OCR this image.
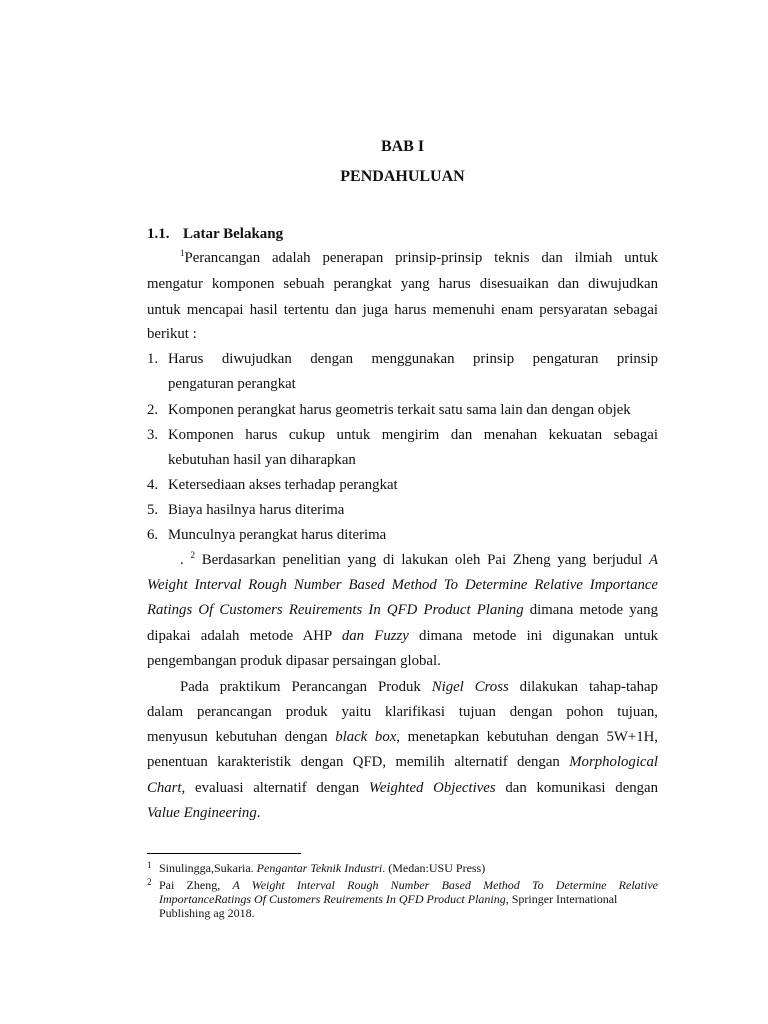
BAB I
PENDAHULUAN
1.1. Latar Belakang
$^1$Perancangan adalah penerapan prinsip-prinsip teknis dan ilmiah untuk
mengatur komponen sebuah perangkat yang harus disesuaikan dan diwujudkan
untuk mencapai hasil tertentu dan juga harus memenuhi enam persyaratan sebagai
berikut :
1. Harus diwujudkan dengan menggunakan prinsip pengaturan prinsip
pengaturan perangkat
2. Komponen perangkat harus geometris terkait satu sama lain dan dengan objek
3. Komponen harus cukup untuk mengirim dan menahan kekuatan sebagai
kebutuhan hasil yan diharapkan
4. Ketersediaan akses terhadap perangkat
5. Biaya hasilnya harus diterima
6. Munculnya perangkat harus diterima
. $^2$ Berdasarkan penelitian yang di lakukan oleh Pai Zheng yang berjudul A
Weight Interval Rough Number Based Method To Determine Relative Importance
Ratings Of Customers Reuirements In QFD Product Planing dimana metode yang
dipakai adalah metode AHP dan Fuzzy dimana metode ini digunakan untuk
pengembangan produk dipasar persaingan global.
Pada praktikum Perancangan Produk Nigel Cross dilakukan tahap-tahap
dalam perancangan produk yaitu klarifikasi tujuan dengan pohon tujuan,
menyusun kebutuhan dengan black box, menetapkan kebutuhan dengan 5W+1H,
penentuan karakteristik dengan QFD, memilih alternatif dengan Morphological
Chart, evaluasi alternatif dengan Weighted Objectives dan komunikasi dengan
Value Engineering.
1 Sinulingga,Sukaria. Pengantar Teknik Industri. (Medan:USU Press)
2 Pai Zheng, A Weight Interval Rough Number Based Method To Determine Relative
ImportanceRatings Of Customers Reuirements In QFD Product Planing, Springer International
Publishing ag 2018.
